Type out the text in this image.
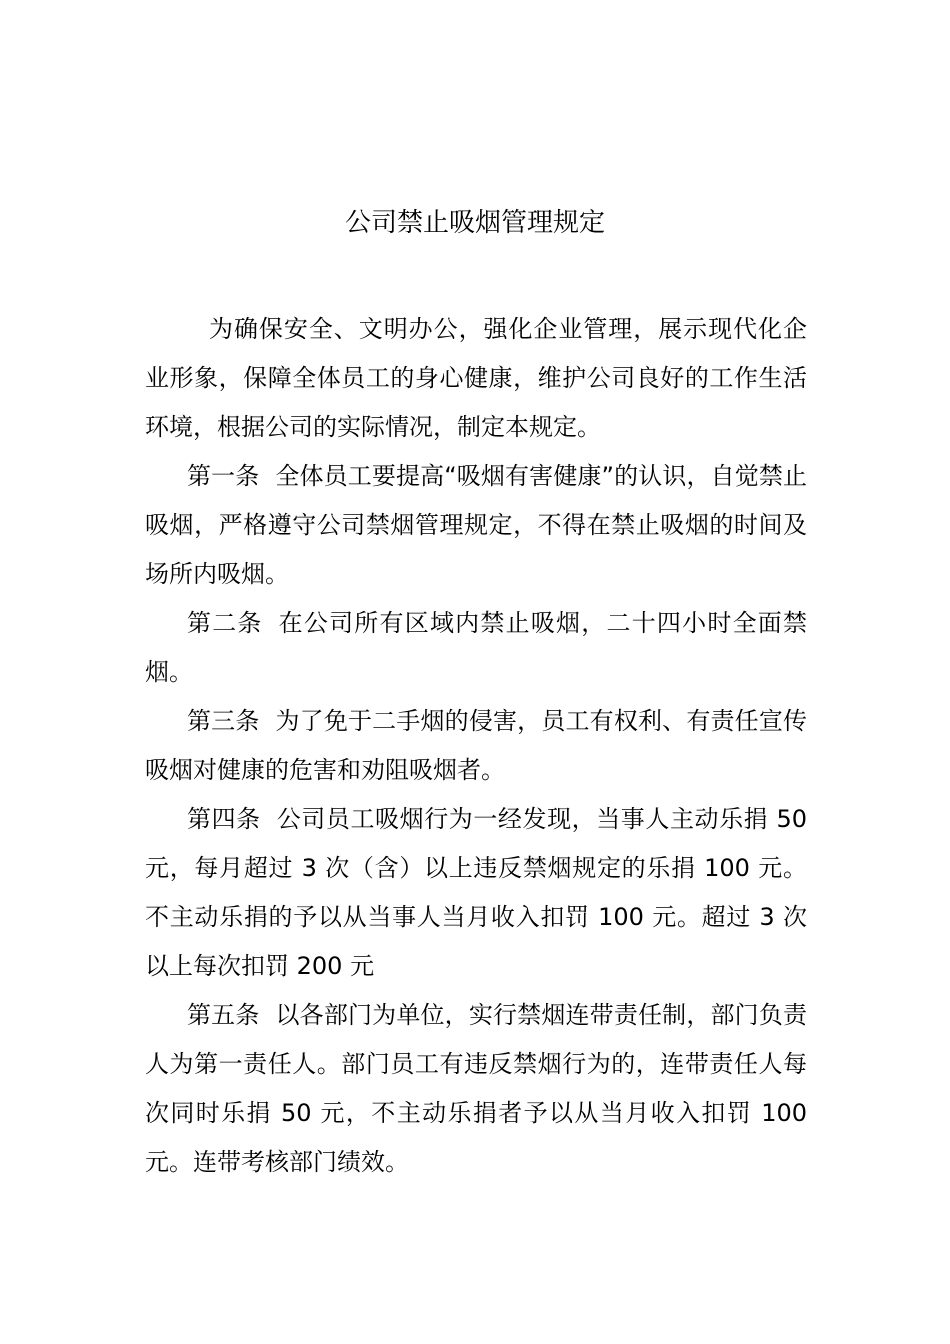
公司禁止吸烟管理规定

为确保安全、文明办公，强化企业管理，展示现代化企业形象，保障全体员工的身心健康，维护公司良好的工作生活环境，根据公司的实际情况，制定本规定。

第一条 全体员工要提高“吸烟有害健康”的认识，自觉禁止吸烟，严格遵守公司禁烟管理规定，不得在禁止吸烟的时间及场所内吸烟。

第二条 在公司所有区域内禁止吸烟，二十四小时全面禁烟。

第三条 为了免于二手烟的侵害，员工有权利、有责任宣传吸烟对健康的危害和劝阻吸烟者。

第四条 公司员工吸烟行为一经发现，当事人主动乐捐 50 元，每月超过 3 次（含）以上违反禁烟规定的乐捐 100 元。不主动乐捐的予以从当事人当月收入扣罚 100 元。超过 3 次以上每次扣罚 200 元

第五条 以各部门为单位，实行禁烟连带责任制，部门负责人为第一责任人。部门员工有违反禁烟行为的，连带责任人每次同时乐捐 50 元，不主动乐捐者予以从当月收入扣罚 100 元。连带考核部门绩效。
